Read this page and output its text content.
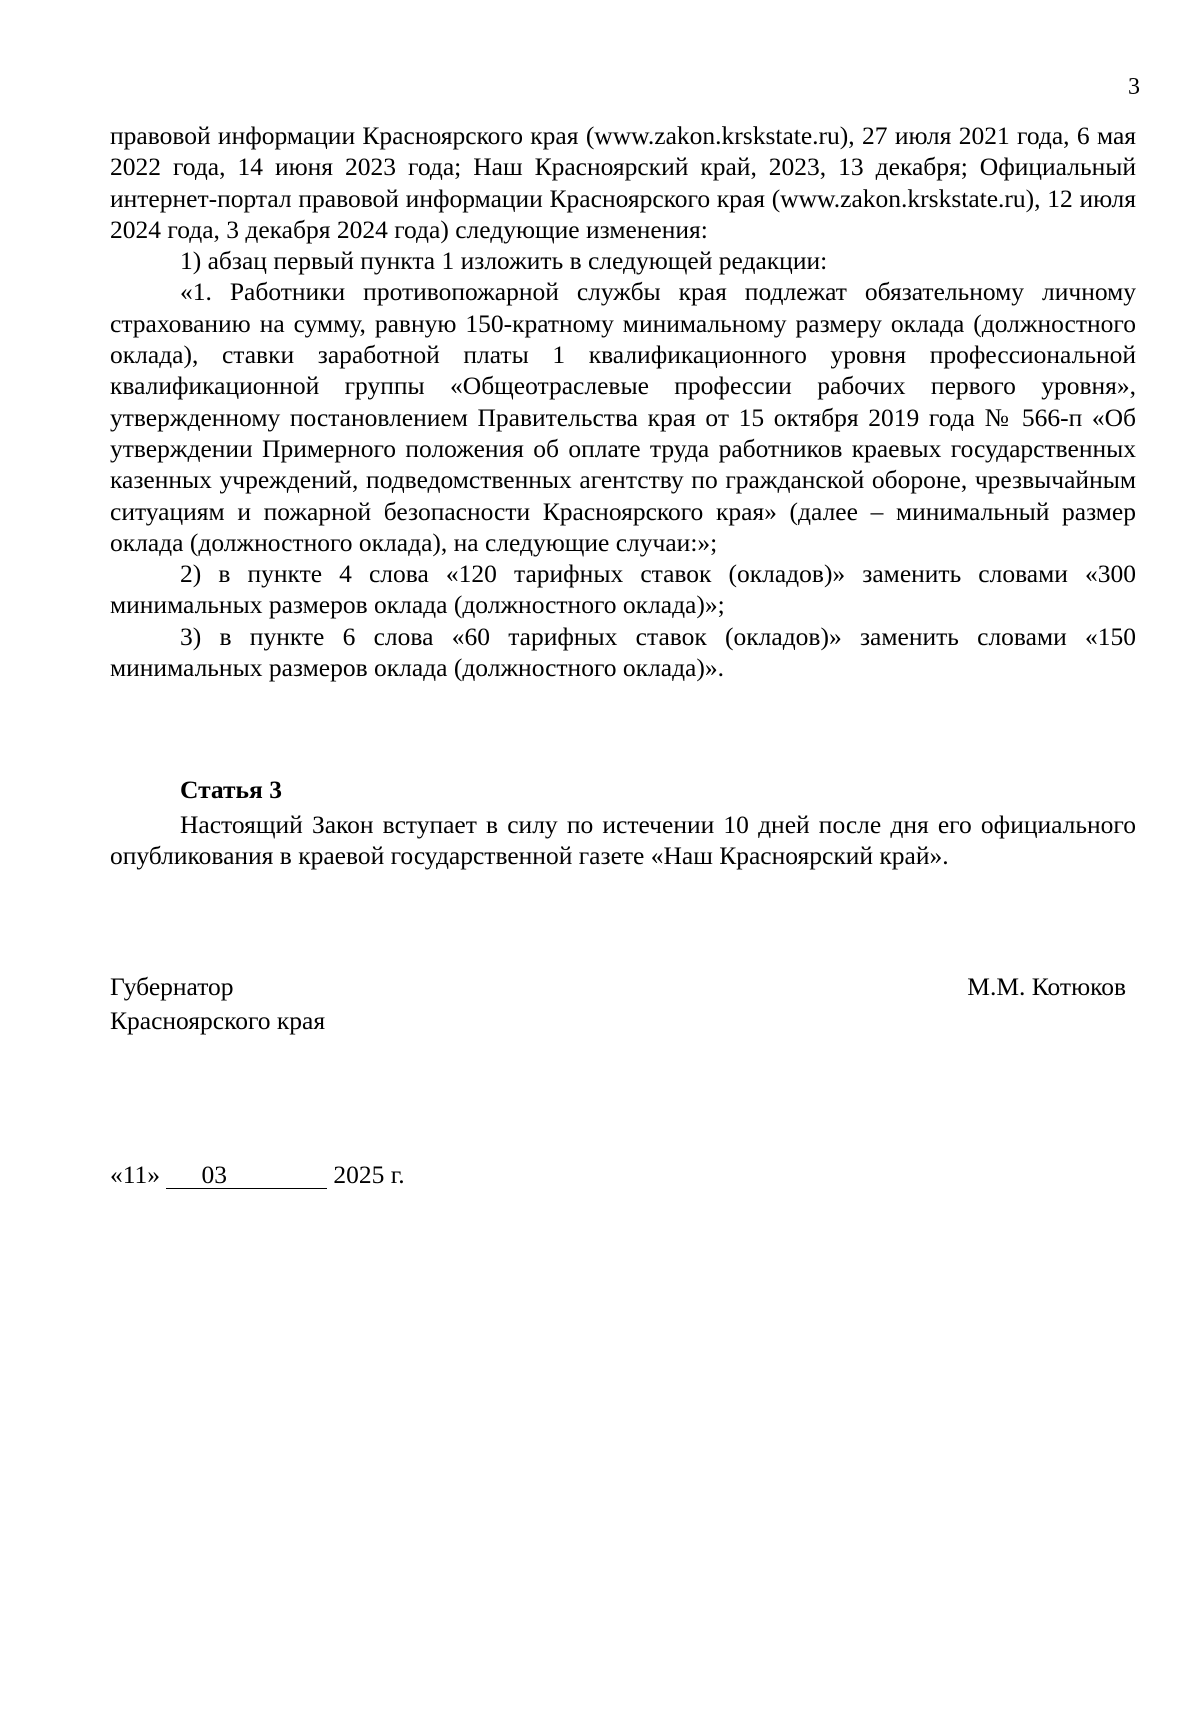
3

правовой информации Красноярского края (www.zakon.krskstate.ru), 27 июля 2021 года, 6 мая 2022 года, 14 июня 2023 года; Наш Красноярский край, 2023, 13 декабря; Официальный интернет-портал правовой информации Красноярского края (www.zakon.krskstate.ru), 12 июля 2024 года, 3 декабря 2024 года) следующие изменения:

1) абзац первый пункта 1 изложить в следующей редакции:

«1. Работники противопожарной службы края подлежат обязательному личному страхованию на сумму, равную 150-кратному минимальному размеру оклада (должностного оклада), ставки заработной платы 1 квалификационного уровня профессиональной квалификационной группы «Общеотраслевые профессии рабочих первого уровня», утвержденному постановлением Правительства края от 15 октября 2019 года № 566-п «Об утверждении Примерного положения об оплате труда работников краевых государственных казенных учреждений, подведомственных агентству по гражданской обороне, чрезвычайным ситуациям и пожарной безопасности Красноярского края» (далее – минимальный размер оклада (должностного оклада), на следующие случаи:»;

2) в пункте 4 слова «120 тарифных ставок (окладов)» заменить словами «300 минимальных размеров оклада (должностного оклада)»;

3) в пункте 6 слова «60 тарифных ставок (окладов)» заменить словами «150 минимальных размеров оклада (должностного оклада)».

Статья 3

Настоящий Закон вступает в силу по истечении 10 дней после дня его официального опубликования в краевой государственной газете «Наш Красноярский край».

Губернатор
Красноярского края
М.М. Котюков
«11» 03	2025 г.
